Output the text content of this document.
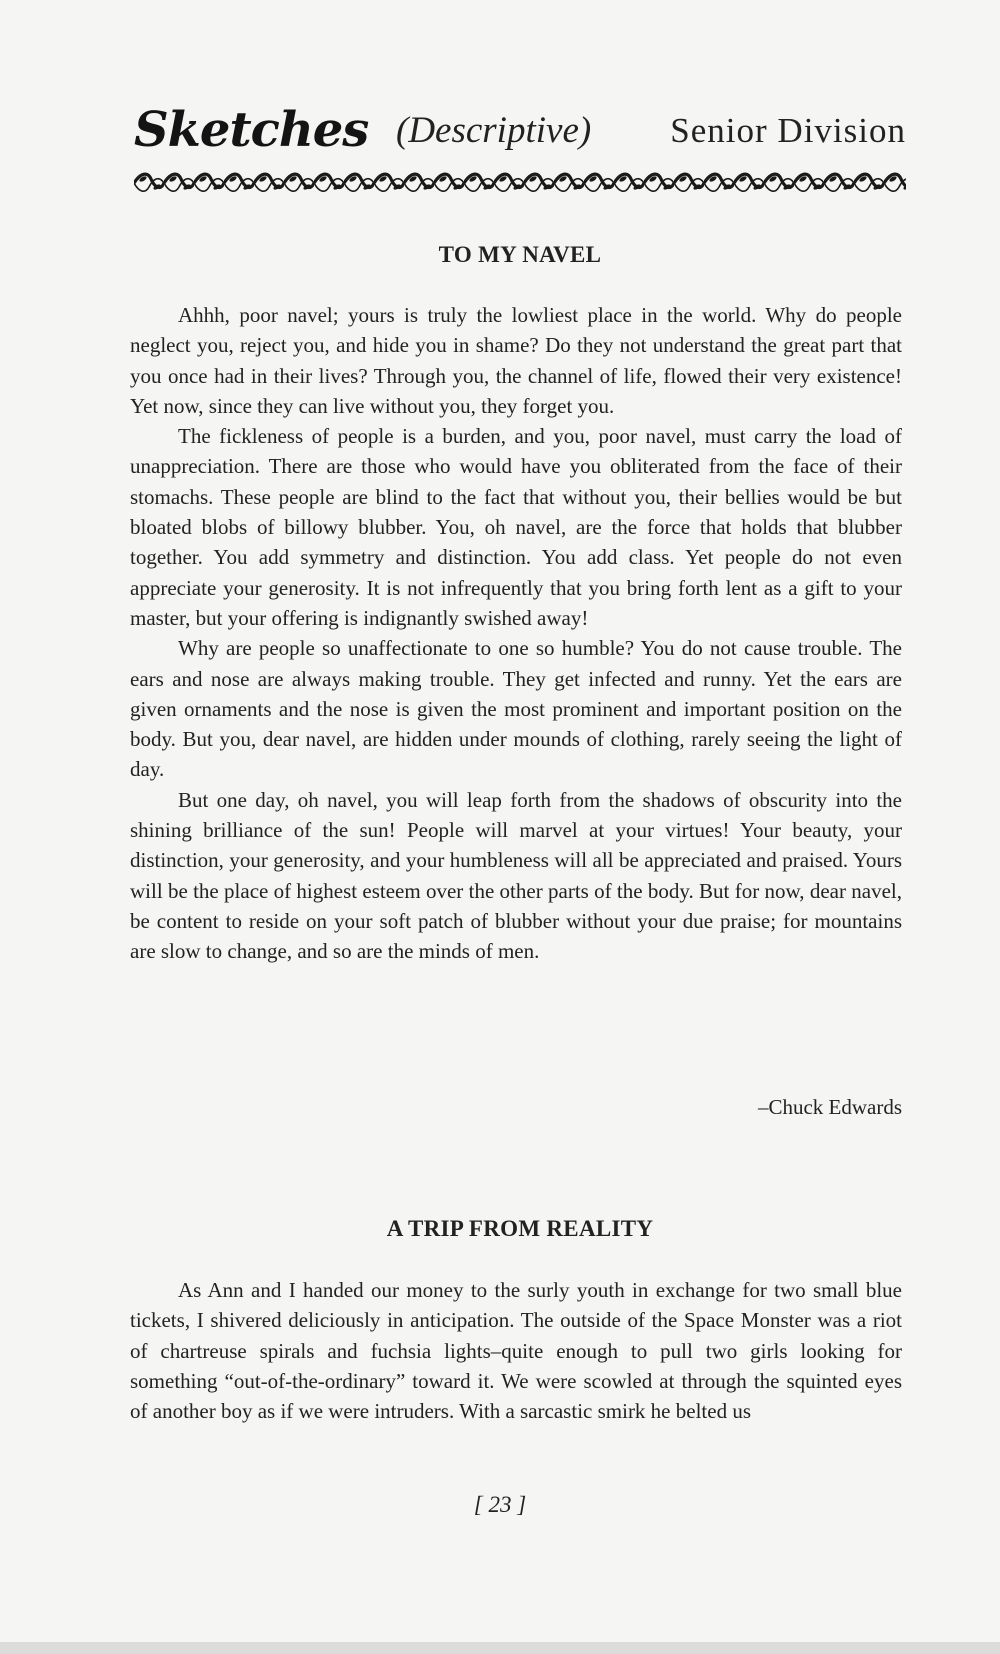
Sketches (Descriptive) Senior Division
TO MY NAVEL

Ahhh, poor navel; yours is truly the lowliest place in the world. Why do people neglect you, reject you, and hide you in shame? Do they not understand the great part that you once had in their lives? Through you, the channel of life, flowed their very existence! Yet now, since they can live without you, they forget you.

The fickleness of people is a burden, and you, poor navel, must carry the load of unappreciation. There are those who would have you obliterated from the face of their stomachs. These people are blind to the fact that without you, their bellies would be but bloated blobs of billowy blubber. You, oh navel, are the force that holds that blubber together. You add symmetry and distinction. You add class. Yet people do not even appreciate your generosity. It is not infrequently that you bring forth lent as a gift to your master, but your offering is indignantly swished away!

Why are people so unaffectionate to one so humble? You do not cause trouble. The ears and nose are always making trouble. They get infected and runny. Yet the ears are given ornaments and the nose is given the most prominent and important position on the body. But you, dear navel, are hidden under mounds of clothing, rarely seeing the light of day.

But one day, oh navel, you will leap forth from the shadows of obscurity into the shining brilliance of the sun! People will marvel at your virtues! Your beauty, your distinction, your generosity, and your humbleness will all be appreciated and praised. Yours will be the place of highest esteem over the other parts of the body. But for now, dear navel, be content to reside on your soft patch of blubber without your due praise; for mountains are slow to change, and so are the minds of men.

–Chuck Edwards
A TRIP FROM REALITY

As Ann and I handed our money to the surly youth in exchange for two small blue tickets, I shivered deliciously in anticipation. The outside of the Space Monster was a riot of chartreuse spirals and fuchsia lights–quite enough to pull two girls looking for something “out-of-the-ordinary” toward it. We were scowled at through the squinted eyes of another boy as if we were intruders. With a sarcastic smirk he belted us

[ 23 ]
